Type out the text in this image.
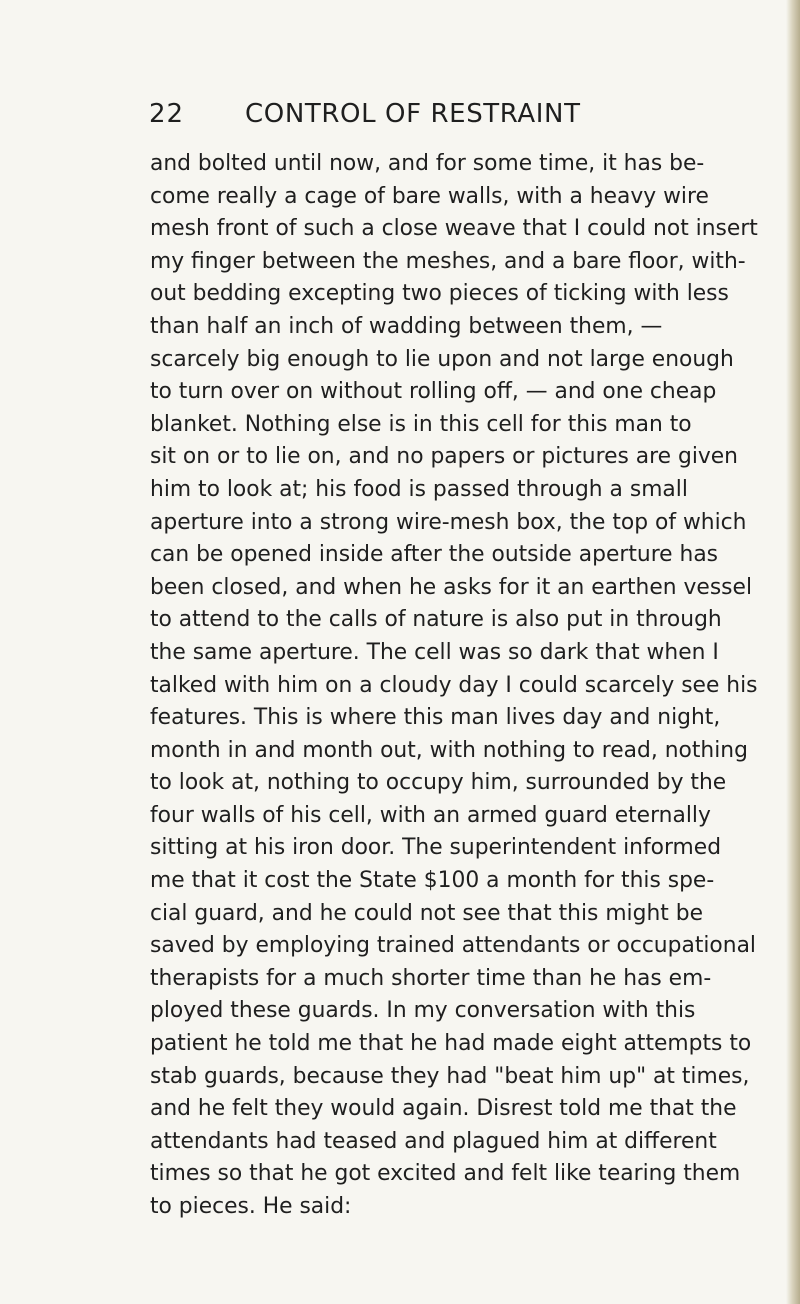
22 CONTROL OF RESTRAINT
and bolted until now, and for some time, it has be-
come really a cage of bare walls, with a heavy wire
mesh front of such a close weave that I could not insert
my finger between the meshes, and a bare floor, with-
out bedding excepting two pieces of ticking with less
than half an inch of wadding between them, —
scarcely big enough to lie upon and not large enough
to turn over on without rolling off, — and one cheap
blanket. Nothing else is in this cell for this man to
sit on or to lie on, and no papers or pictures are given
him to look at; his food is passed through a small
aperture into a strong wire-mesh box, the top of which
can be opened inside after the outside aperture has
been closed, and when he asks for it an earthen vessel
to attend to the calls of nature is also put in through
the same aperture. The cell was so dark that when I
talked with him on a cloudy day I could scarcely see his
features. This is where this man lives day and night,
month in and month out, with nothing to read, nothing
to look at, nothing to occupy him, surrounded by the
four walls of his cell, with an armed guard eternally
sitting at his iron door. The superintendent informed
me that it cost the State $100 a month for this spe-
cial guard, and he could not see that this might be
saved by employing trained attendants or occupational
therapists for a much shorter time than he has em-
ployed these guards. In my conversation with this
patient he told me that he had made eight attempts to
stab guards, because they had "beat him up" at times,
and he felt they would again. Disrest told me that the
attendants had teased and plagued him at different
times so that he got excited and felt like tearing them
to pieces. He said:
